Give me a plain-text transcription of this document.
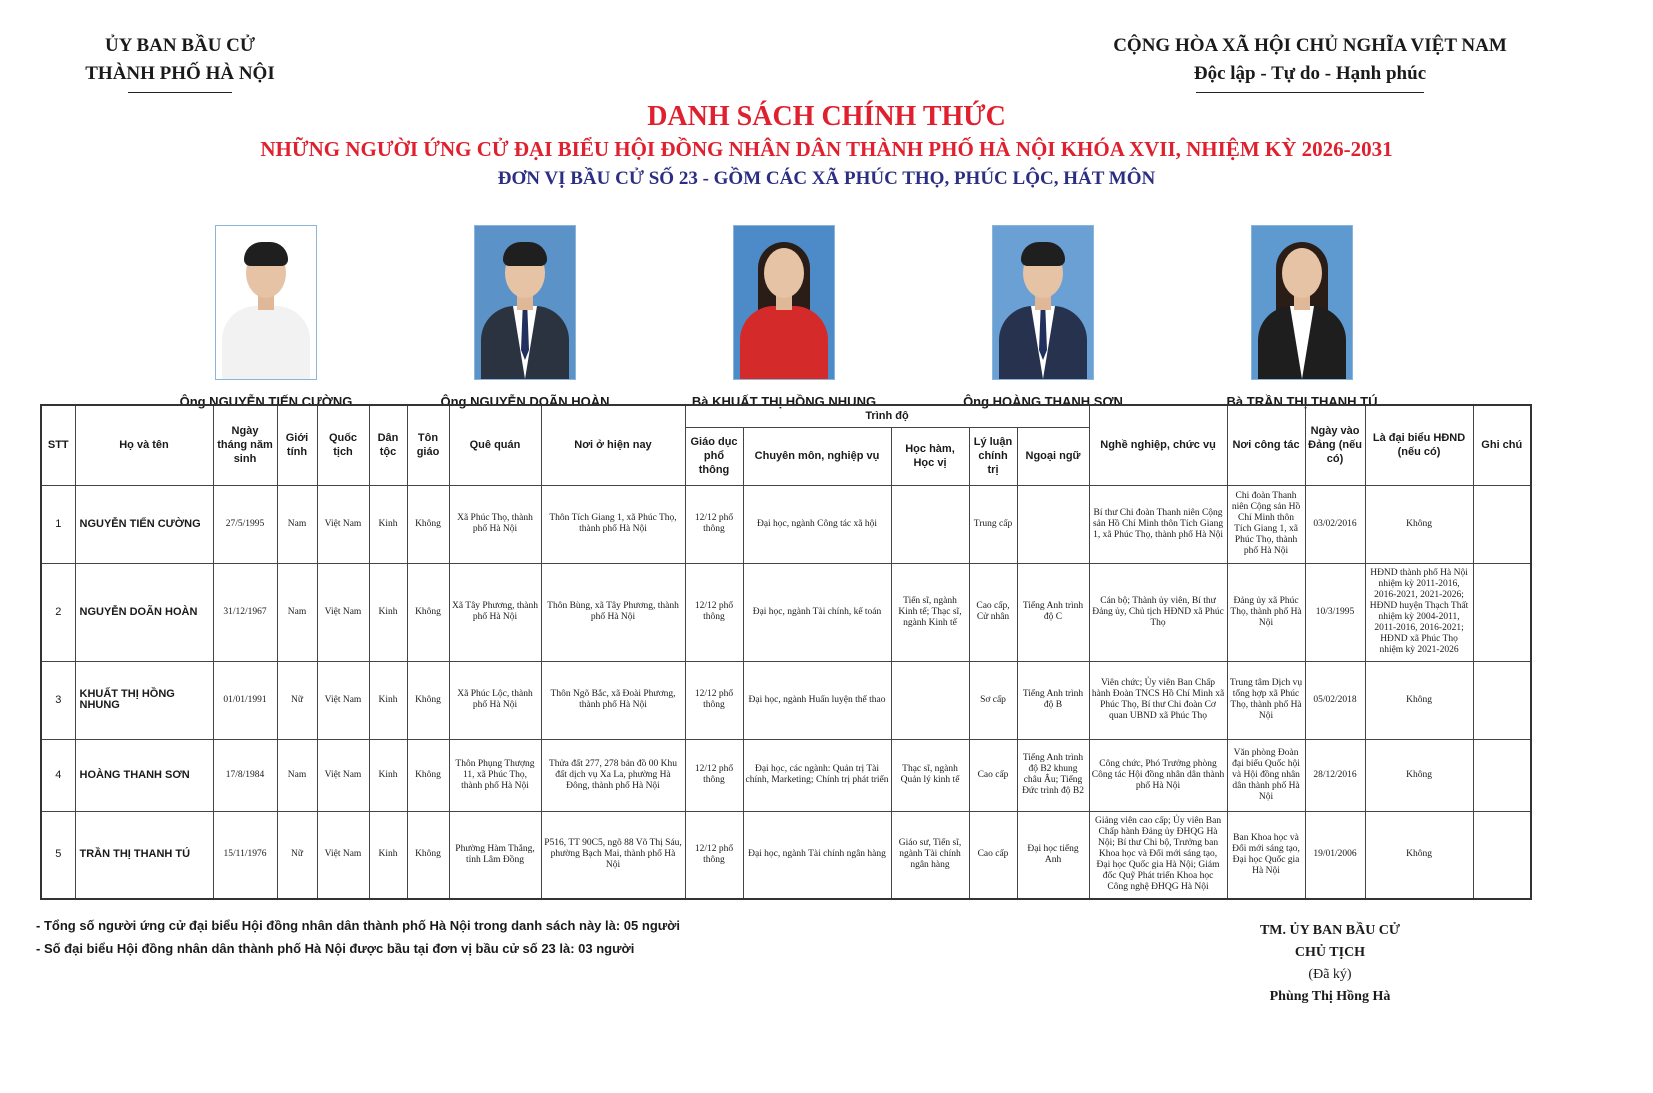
ỦY BAN BẦU CỬ
THÀNH PHỐ HÀ NỘI
CỘNG HÒA XÃ HỘI CHỦ NGHĨA VIỆT NAM
Độc lập - Tự do - Hạnh phúc
DANH SÁCH CHÍNH THỨC
NHỮNG NGƯỜI ỨNG CỬ ĐẠI BIỂU HỘI ĐỒNG NHÂN DÂN THÀNH PHỐ HÀ NỘI KHÓA XVII, NHIỆM KỲ 2026-2031
ĐƠN VỊ BẦU CỬ SỐ 23 - GỒM CÁC XÃ PHÚC THỌ, PHÚC LỘC, HÁT MÔN
Ông NGUYỄN TIẾN CƯỜNG	Ông NGUYỄN DOÃN HOÀN	Bà KHUẤT THỊ HỒNG NHUNG	Ông HOÀNG THANH SƠN	Bà TRẦN THỊ THANH TÚ
STT	Họ và tên	Ngày tháng năm sinh	Giới tính	Quốc tịch	Dân tộc	Tôn giáo	Quê quán	Nơi ở hiện nay	Trình độ					Nghề nghiệp, chức vụ	Nơi công tác	Ngày vào Đảng (nếu có)	Là đại biểu HĐND (nếu có)	Ghi chú
									Giáo dục phổ thông	Chuyên môn, nghiệp vụ	Học hàm, Học vị	Lý luận chính trị	Ngoại ngữ					
1	NGUYỄN TIẾN CƯỜNG	27/5/1995	Nam	Việt Nam	Kinh	Không	Xã Phúc Thọ, thành phố Hà Nội	Thôn Tích Giang 1, xã Phúc Thọ, thành phố Hà Nội	12/12 phổ thông	Đại học, ngành Công tác xã hội		Trung cấp		Bí thư Chi đoàn Thanh niên Cộng sản Hồ Chí Minh thôn Tích Giang 1, xã Phúc Thọ, thành phố Hà Nội	Chi đoàn Thanh niên Cộng sản Hồ Chí Minh thôn Tích Giang 1, xã Phúc Thọ, thành phố Hà Nội	03/02/2016	Không	
2	NGUYỄN DOÃN HOÀN	31/12/1967	Nam	Việt Nam	Kinh	Không	Xã Tây Phương, thành phố Hà Nội	Thôn Bùng, xã Tây Phương, thành phố Hà Nội	12/12 phổ thông	Đại học, ngành Tài chính, kế toán	Tiến sĩ, ngành Kinh tế; Thạc sĩ, ngành Kinh tế	Cao cấp, Cử nhân	Tiếng Anh trình độ C	Cán bộ; Thành ủy viên, Bí thư Đảng ủy, Chủ tịch HĐND xã Phúc Thọ	Đảng ủy xã Phúc Thọ, thành phố Hà Nội	10/3/1995	HĐND thành phố Hà Nội nhiệm kỳ 2011-2016, 2016-2021, 2021-2026; HĐND huyện Thạch Thất nhiệm kỳ 2004-2011, 2011-2016, 2016-2021; HĐND xã Phúc Thọ nhiệm kỳ 2021-2026	
3	KHUẤT THỊ HỒNG NHUNG	01/01/1991	Nữ	Việt Nam	Kinh	Không	Xã Phúc Lộc, thành phố Hà Nội	Thôn Ngõ Bắc, xã Đoài Phương, thành phố Hà Nội	12/12 phổ thông	Đại học, ngành Huấn luyện thể thao		Sơ cấp	Tiếng Anh trình độ B	Viên chức; Ủy viên Ban Chấp hành Đoàn TNCS Hồ Chí Minh xã Phúc Thọ, Bí thư Chi đoàn Cơ quan UBND xã Phúc Thọ	Trung tâm Dịch vụ tổng hợp xã Phúc Thọ, thành phố Hà Nội	05/02/2018	Không	
4	HOÀNG THANH SƠN	17/8/1984	Nam	Việt Nam	Kinh	Không	Thôn Phụng Thượng 11, xã Phúc Thọ, thành phố Hà Nội	Thửa đất 277, 278 bản đồ 00 Khu đất dịch vụ Xa La, phường Hà Đông, thành phố Hà Nội	12/12 phổ thông	Đại học, các ngành: Quản trị Tài chính, Marketing; Chính trị phát triển	Thạc sĩ, ngành Quản lý kinh tế	Cao cấp	Tiếng Anh trình độ B2 khung châu Âu; Tiếng Đức trình độ B2	Công chức, Phó Trưởng phòng Công tác Hội đồng nhân dân thành phố Hà Nội	Văn phòng Đoàn đại biểu Quốc hội và Hội đồng nhân dân thành phố Hà Nội	28/12/2016	Không	
5	TRẦN THỊ THANH TÚ	15/11/1976	Nữ	Việt Nam	Kinh	Không	Phường Hàm Thắng, tỉnh Lâm Đồng	P516, TT 90C5, ngõ 88 Võ Thị Sáu, phường Bạch Mai, thành phố Hà Nội	12/12 phổ thông	Đại học, ngành Tài chính ngân hàng	Giáo sư, Tiến sĩ, ngành Tài chính ngân hàng	Cao cấp	Đại học tiếng Anh	Giảng viên cao cấp; Ủy viên Ban Chấp hành Đảng ủy ĐHQG Hà Nội; Bí thư Chi bộ, Trưởng ban Khoa học và Đổi mới sáng tạo, Đại học Quốc gia Hà Nội; Giám đốc Quỹ Phát triển Khoa học Công nghệ ĐHQG Hà Nội	Ban Khoa học và Đổi mới sáng tạo, Đại học Quốc gia Hà Nội	19/01/2006	Không	
- Tổng số người ứng cử đại biểu Hội đồng nhân dân thành phố Hà Nội trong danh sách này là: 05 người
- Số đại biểu Hội đồng nhân dân thành phố Hà Nội được bầu tại đơn vị bầu cử số 23 là: 03 người
TM. ỦY BAN BẦU CỬ
CHỦ TỊCH
(Đã ký)
Phùng Thị Hồng Hà
